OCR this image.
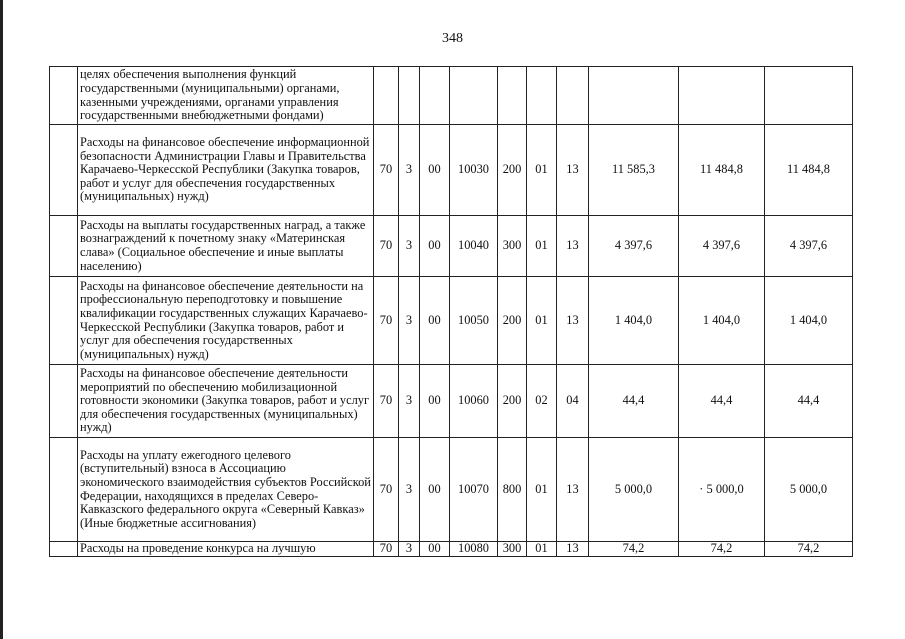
348
	целях обеспечения выполнения функций государственными (муниципальными) органами, казенными учреждениями, органами управления государственными внебюджетными фондами)										
	Расходы на финансовое обеспечение информационной безопасности Администрации Главы и Правительства Карачаево-Черкесской Республики (Закупка товаров, работ и услуг для обеспечения государственных (муниципальных) нужд)	70	3	00	10030	200	01	13	11 585,3	11 484,8	11 484,8
	Расходы на выплаты государственных наград, а также вознаграждений к почетному знаку «Материнская слава» (Социальное обеспечение и иные выплаты населению)	70	3	00	10040	300	01	13	4 397,6	4 397,6	4 397,6
	Расходы на финансовое обеспечение деятельности на профессиональную переподготовку и повышение квалификации государственных служащих Карачаево-Черкесской Республики (Закупка товаров, работ и услуг для обеспечения государственных (муниципальных) нужд)	70	3	00	10050	200	01	13	1 404,0	1 404,0	1 404,0
	Расходы на финансовое обеспечение деятельности мероприятий по обеспечению мобилизационной готовности экономики (Закупка товаров, работ и услуг для обеспечения государственных (муниципальных) нужд)	70	3	00	10060	200	02	04	44,4	44,4	44,4
	Расходы на уплату ежегодного целевого (вступительный) взноса в Ассоциацию экономического взаимодействия субъектов Российской Федерации, находящихся в пределах Северо-Кавказского федерального округа «Северный Кавказ» (Иные бюджетные ассигнования)	70	3	00	10070	800	01	13	5 000,0	· 5 000,0	5 000,0
	Расходы на проведение конкурса на лучшую	70	3	00	10080	300	01	13	74,2	74,2	74,2
